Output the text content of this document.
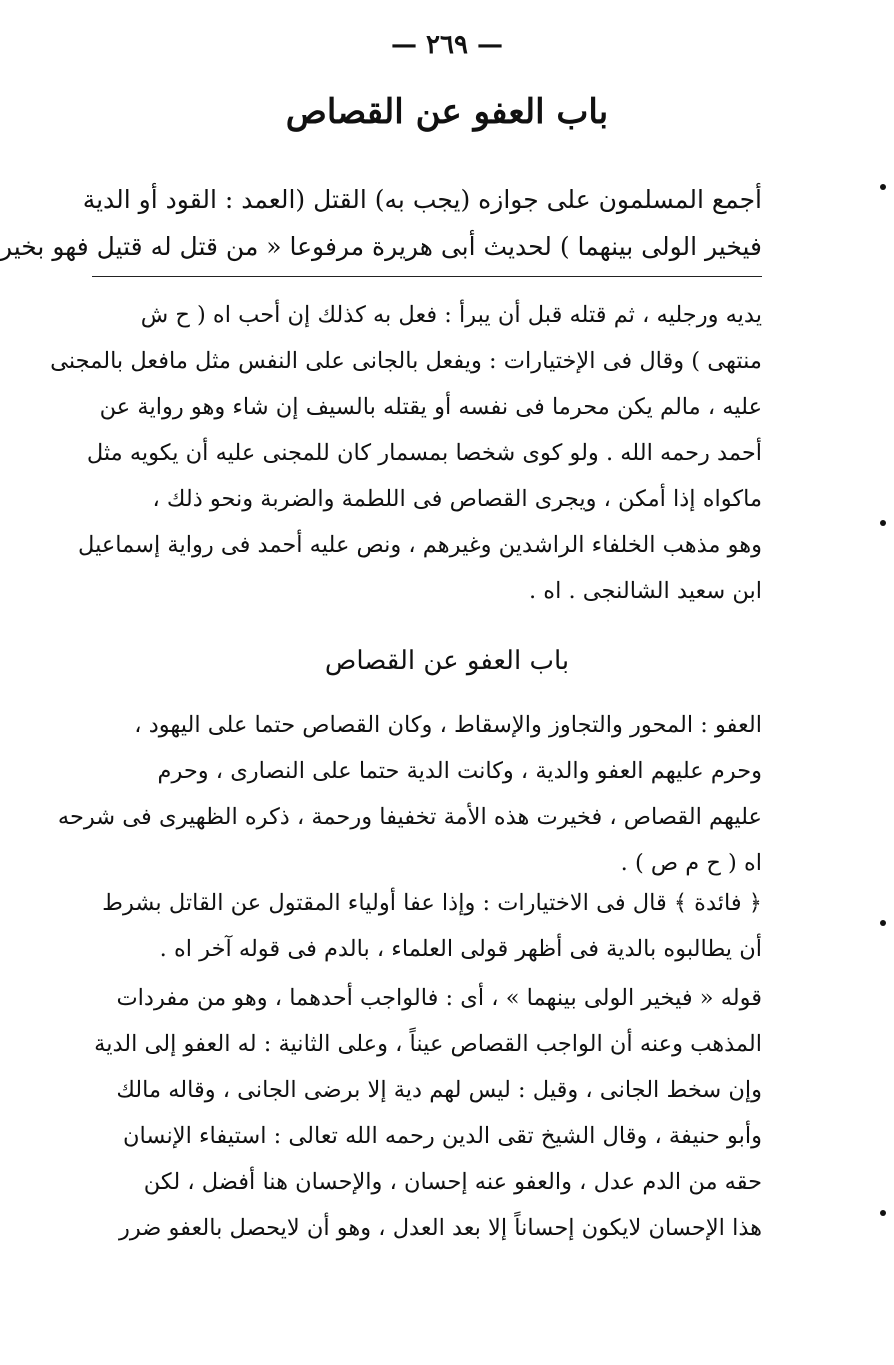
— ٢٦٩ —
باب العفو عن القصاص
أجمع المسلمون على جوازه (يجب به) القتل (العمد : القود أو الدية
فيخير الولى بينهما ) لحديث أبى هريرة مرفوعا « من قتل له قتيل فهو بخير
يديه ورجليه ، ثم قتله قبل أن يبرأ : فعل به كذلك إن أحب اه ( ح ش
منتهى ) وقال فى الإختيارات : ويفعل بالجانى على النفس مثل مافعل بالمجنى
عليه ، مالم يكن محرما فى نفسه أو يقتله بالسيف إن شاء وهو رواية عن
أحمد رحمه الله . ولو كوى شخصا بمسمار كان للمجنى عليه أن يكويه مثل
ماكواه إذا أمكن ، ويجرى القصاص فى اللطمة والضربة ونحو ذلك ،
وهو مذهب الخلفاء الراشدين وغيرهم ، ونص عليه أحمد فى رواية إسماعيل
ابن سعيد الشالنجى . اه .
باب العفو عن القصاص
العفو : المحور والتجاوز والإسقاط ، وكان القصاص حتما على اليهود ،
وحرم عليهم العفو والدية ، وكانت الدية حتما على النصارى ، وحرم
عليهم القصاص ، فخيرت هذه الأمة تخفيفا ورحمة ، ذكره الظهيرى فى شرحه
اه ( ح م ص ) .
﴿ فائدة ﴾ قال فى الاختيارات : وإذا عفا أولياء المقتول عن القاتل بشرط
أن يطالبوه بالدية فى أظهر قولى العلماء ، بالدم فى قوله آخر اه .
قوله « فيخير الولى بينهما » ، أى : فالواجب أحدهما ، وهو من مفردات
المذهب وعنه أن الواجب القصاص عيناً ، وعلى الثانية : له العفو إلى الدية
وإن سخط الجانى ، وقيل : ليس لهم دية إلا برضى الجانى ، وقاله مالك
وأبو حنيفة ، وقال الشيخ تقى الدين رحمه الله تعالى : استيفاء الإنسان
حقه من الدم عدل ، والعفو عنه إحسان ، والإحسان هنا أفضل ، لكن
هذا الإحسان لايكون إحساناً إلا بعد العدل ، وهو أن لايحصل بالعفو ضرر
